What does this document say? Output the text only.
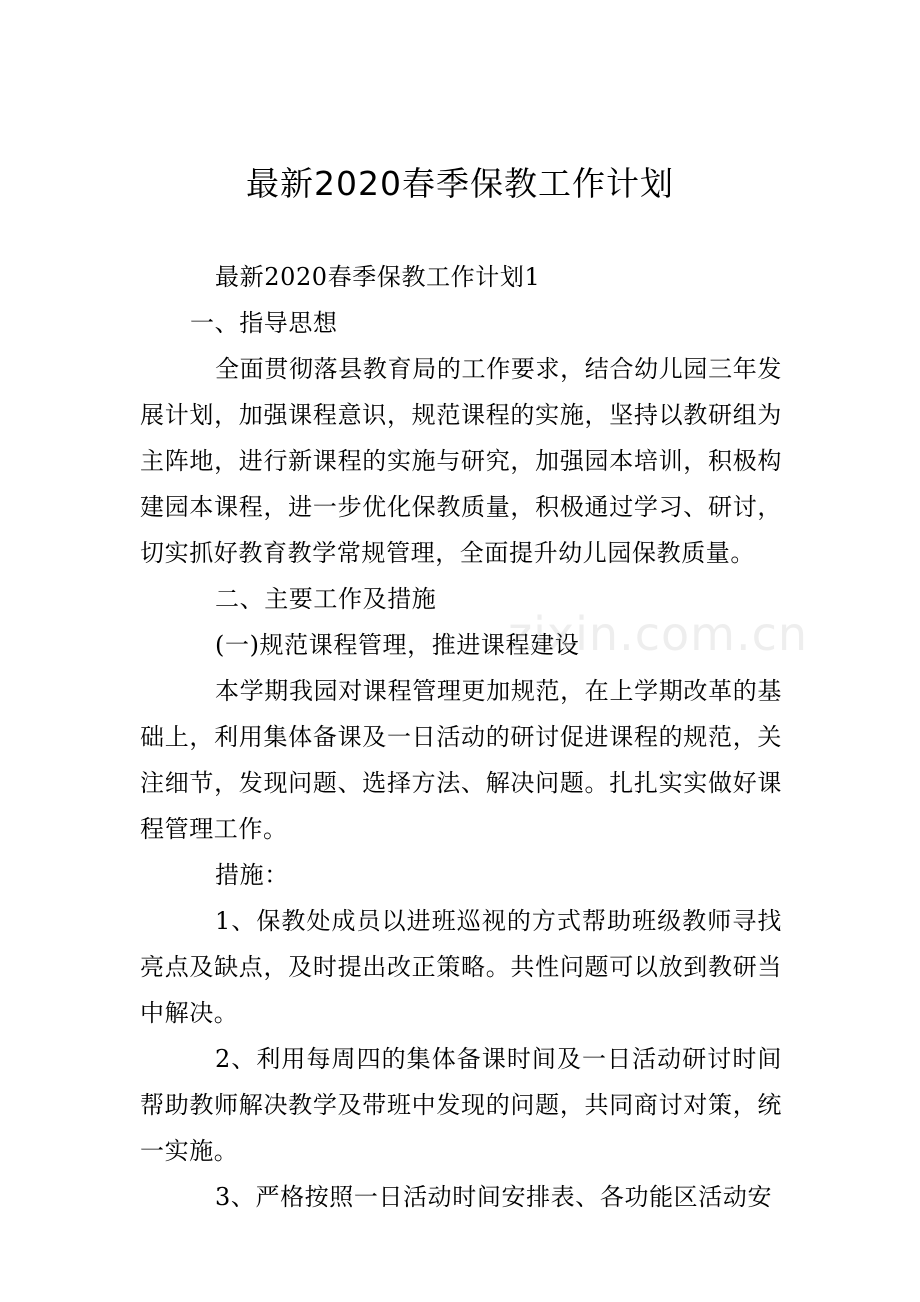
最新2020春季保教工作计划

最新2020春季保教工作计划1

一、指导思想

全面贯彻落县教育局的工作要求，结合幼儿园三年发展计划，加强课程意识，规范课程的实施，坚持以教研组为主阵地，进行新课程的实施与研究，加强园本培训，积极构建园本课程，进一步优化保教质量，积极通过学习、研讨，切实抓好教育教学常规管理，全面提升幼儿园保教质量。

二、主要工作及措施

(一)规范课程管理，推进课程建设

本学期我园对课程管理更加规范，在上学期改革的基础上，利用集体备课及一日活动的研讨促进课程的规范，关注细节，发现问题、选择方法、解决问题。扎扎实实做好课程管理工作。

措施：

1、保教处成员以进班巡视的方式帮助班级教师寻找亮点及缺点，及时提出改正策略。共性问题可以放到教研当中解决。

2、利用每周四的集体备课时间及一日活动研讨时间帮助教师解决教学及带班中发现的问题，共同商讨对策，统一实施。

3、严格按照一日活动时间安排表、各功能区活动安

zixin.com.cn
